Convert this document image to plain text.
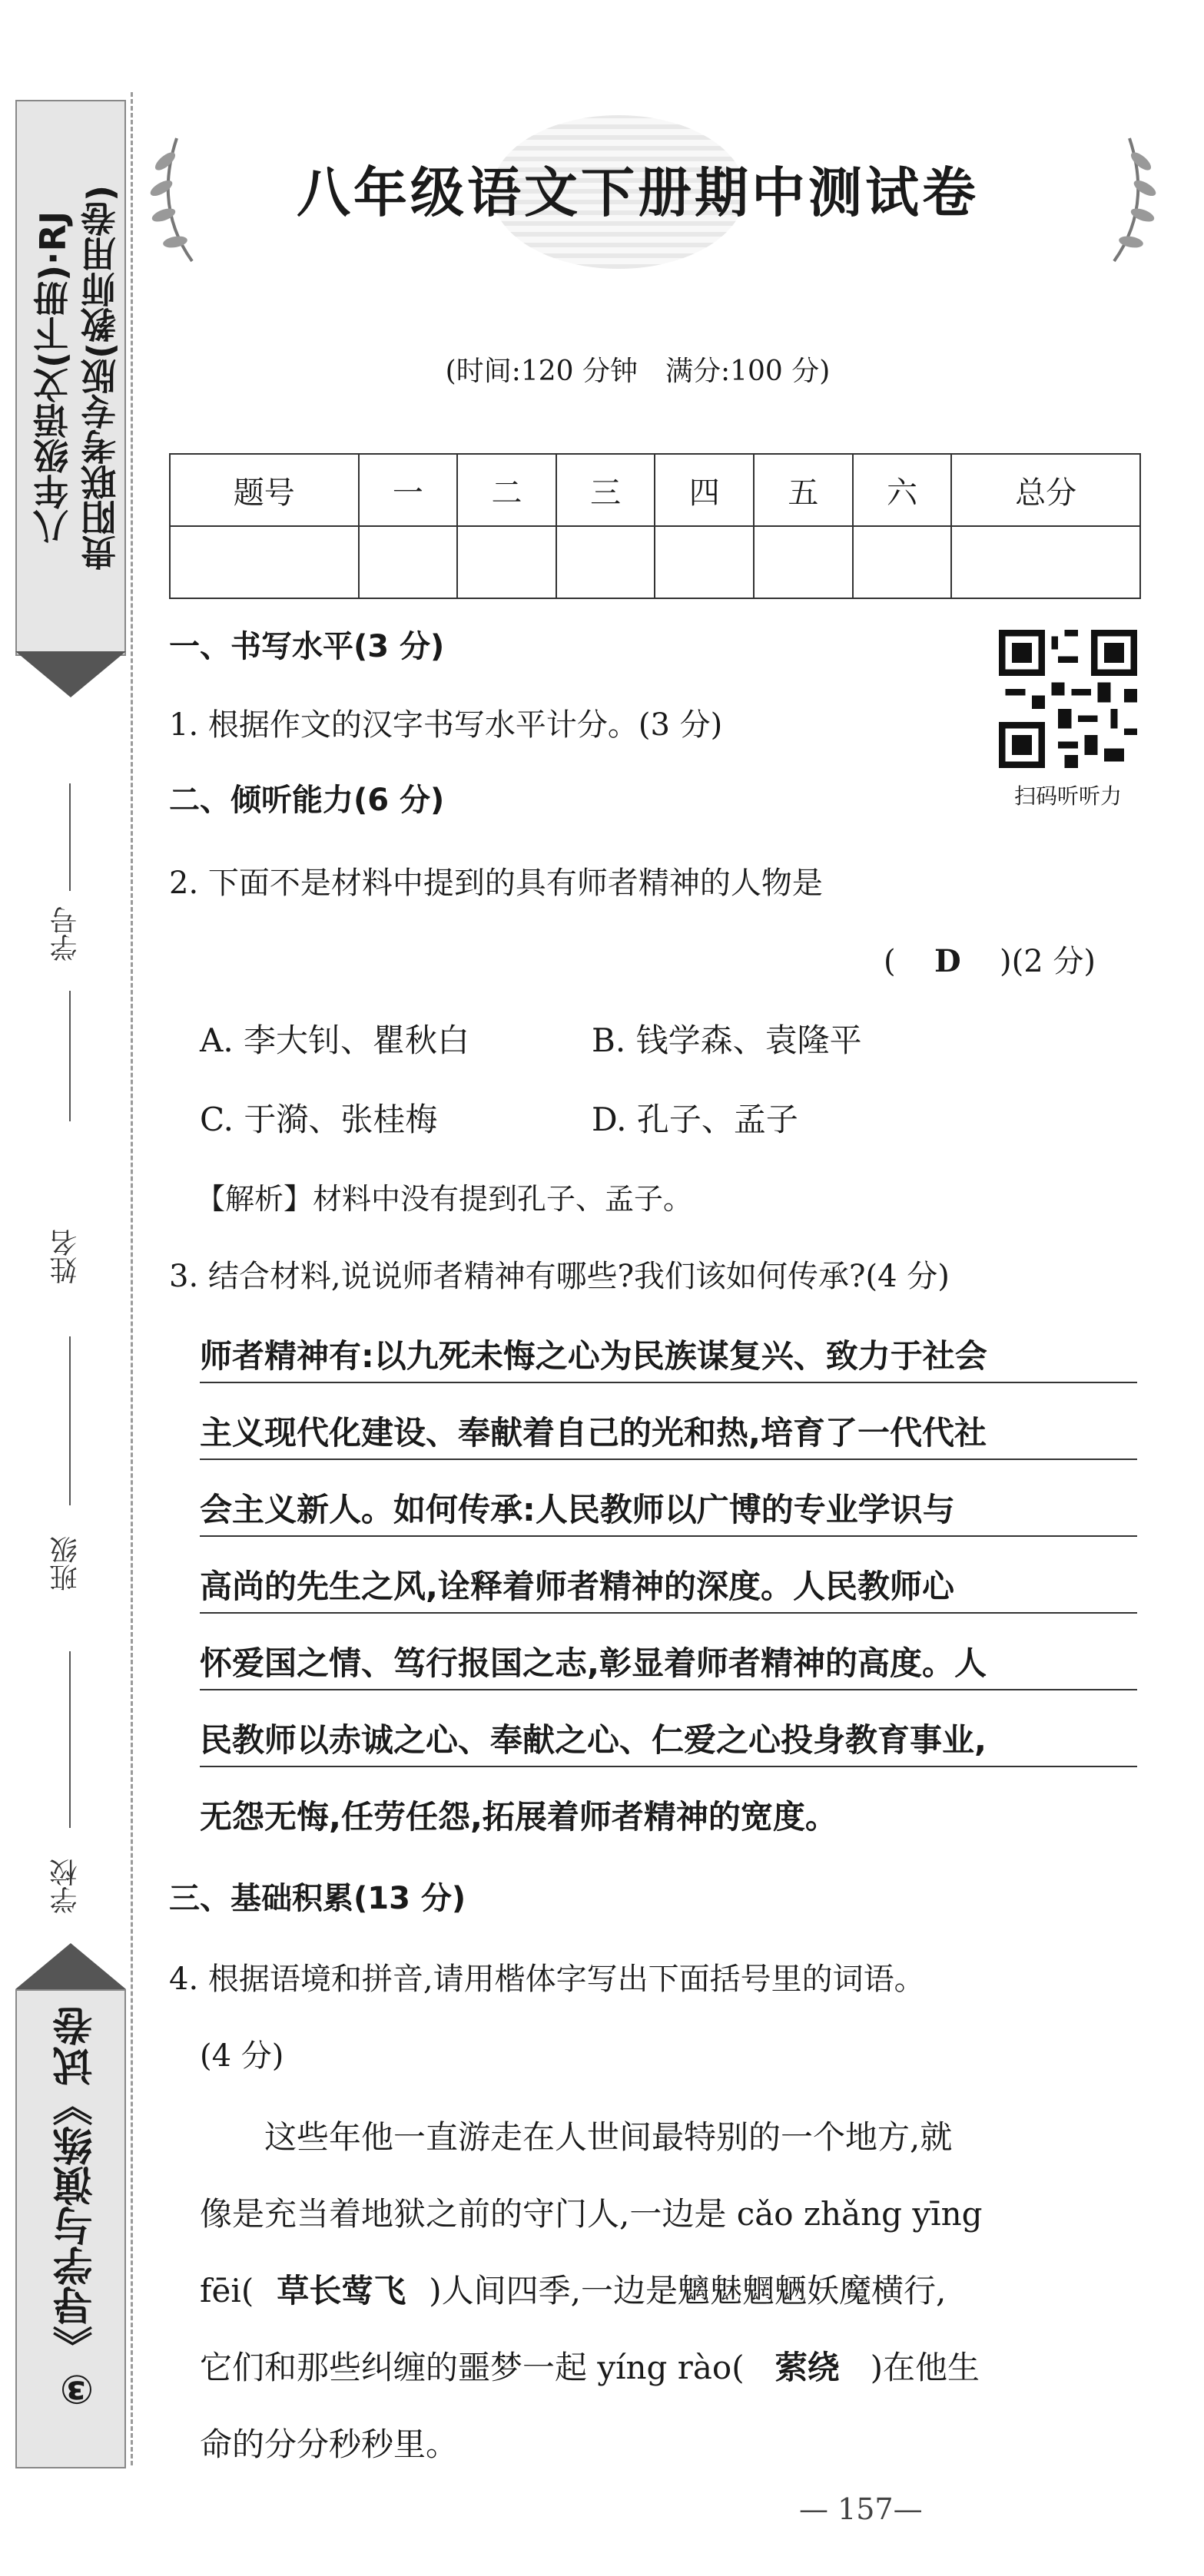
八年级语文(下册)·RJ 贵阳联考专版(教师用卷)
学号
姓名
班级
学校
③《导学与演练》试卷
八年级语文下册期中测试卷
(时间:120 分钟　满分:100 分)
题号	一	二	三	四	五	六	总分

扫码听听力
一、书写水平(3 分)
1. 根据作文的汉字书写水平计分。(3 分)
二、倾听能力(6 分)
2. 下面不是材料中提到的具有师者精神的人物是
( D )(2 分)
A. 李大钊、瞿秋白	B. 钱学森、袁隆平
C. 于漪、张桂梅	D. 孔子、孟子
【解析】材料中没有提到孔子、孟子。
3. 结合材料,说说师者精神有哪些?我们该如何传承?(4 分)
师者精神有:以九死未悔之心为民族谋复兴、致力于社会
主义现代化建设、奉献着自己的光和热,培育了一代代社
会主义新人。如何传承:人民教师以广博的专业学识与
高尚的先生之风,诠释着师者精神的深度。人民教师心
怀爱国之情、笃行报国之志,彰显着师者精神的高度。人
民教师以赤诚之心、奉献之心、仁爱之心投身教育事业,
无怨无悔,任劳任怨,拓展着师者精神的宽度。
三、基础积累(13 分)
4. 根据语境和拼音,请用楷体字写出下面括号里的词语。
(4 分)
这些年他一直游走在人世间最特别的一个地方,就
像是充当着地狱之前的守门人,一边是 cǎo zhǎng yīng
fēi( 草长莺飞 )人间四季,一边是魑魅魍魉妖魔横行,
它们和那些纠缠的噩梦一起 yíng rào( 萦绕 )在他生
命的分分秒秒里。
— 157—
